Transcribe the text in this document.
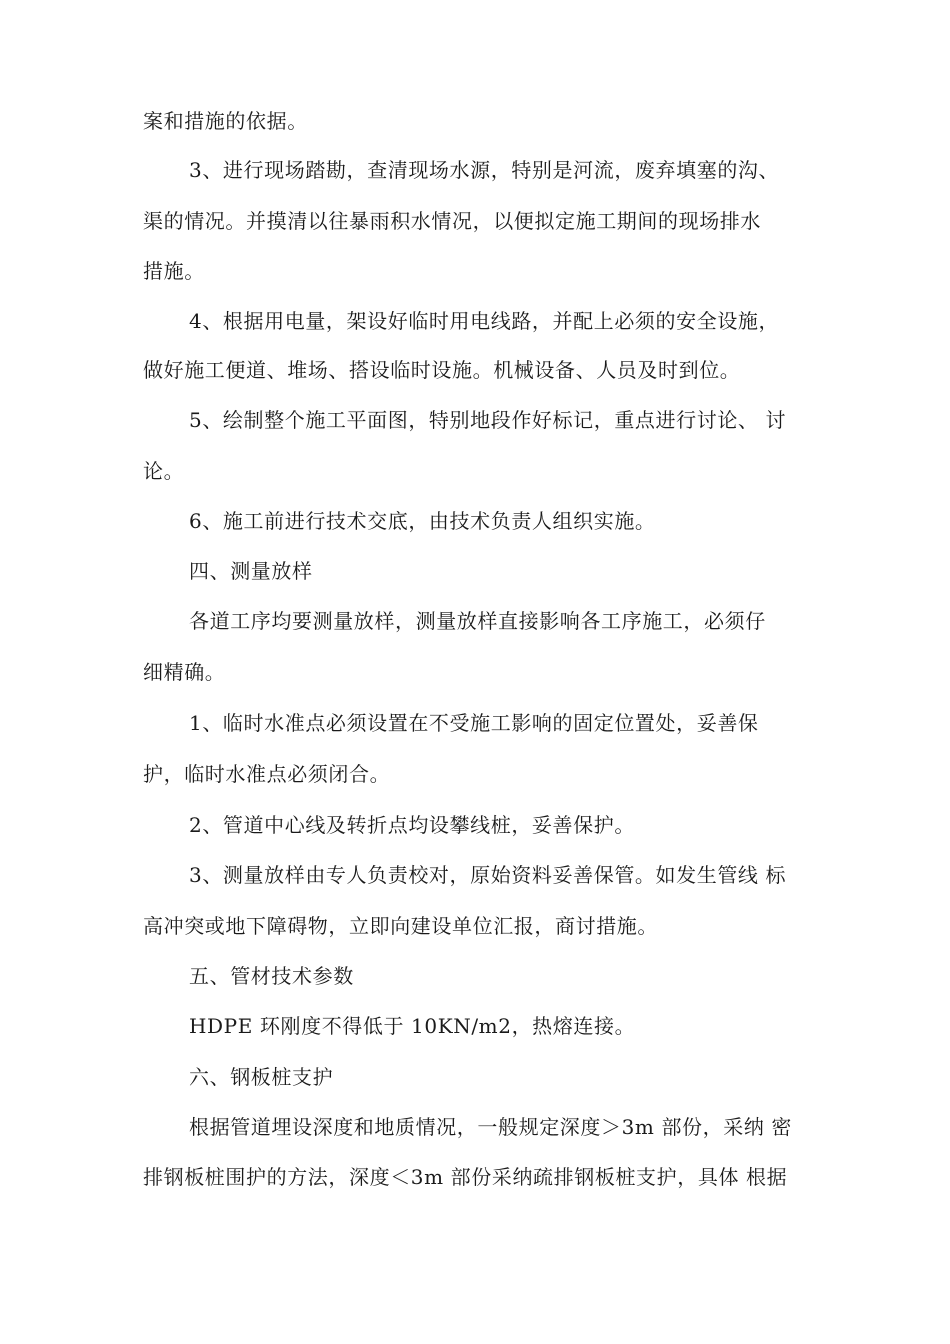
案和措施的依据。
3、进行现场踏勘，查清现场水源，特别是河流，废弃填塞的沟、
渠的情况。并摸清以往暴雨积水情况，以便拟定施工期间的现场排水
措施。
4、根据用电量，架设好临时用电线路，并配上必须的安全设施，
做好施工便道、堆场、搭设临时设施。机械设备、人员及时到位。
5、绘制整个施工平面图，特别地段作好标记，重点进行讨论、 讨
论。
6、施工前进行技术交底，由技术负责人组织实施。
四、测量放样
各道工序均要测量放样，测量放样直接影响各工序施工，必须仔
细精确。
1、临时水准点必须设置在不受施工影响的固定位置处，妥善保
护，临时水准点必须闭合。
2、管道中心线及转折点均设攀线桩，妥善保护。
3、测量放样由专人负责校对，原始资料妥善保管。如发生管线 标
高冲突或地下障碍物，立即向建设单位汇报，商讨措施。
五、管材技术参数
HDPE 环刚度不得低于 10KN/m2，热熔连接。
六、钢板桩支护
根据管道埋设深度和地质情况，一般规定深度＞3m 部份，采纳 密
排钢板桩围护的方法，深度＜3m 部份采纳疏排钢板桩支护，具体 根据
